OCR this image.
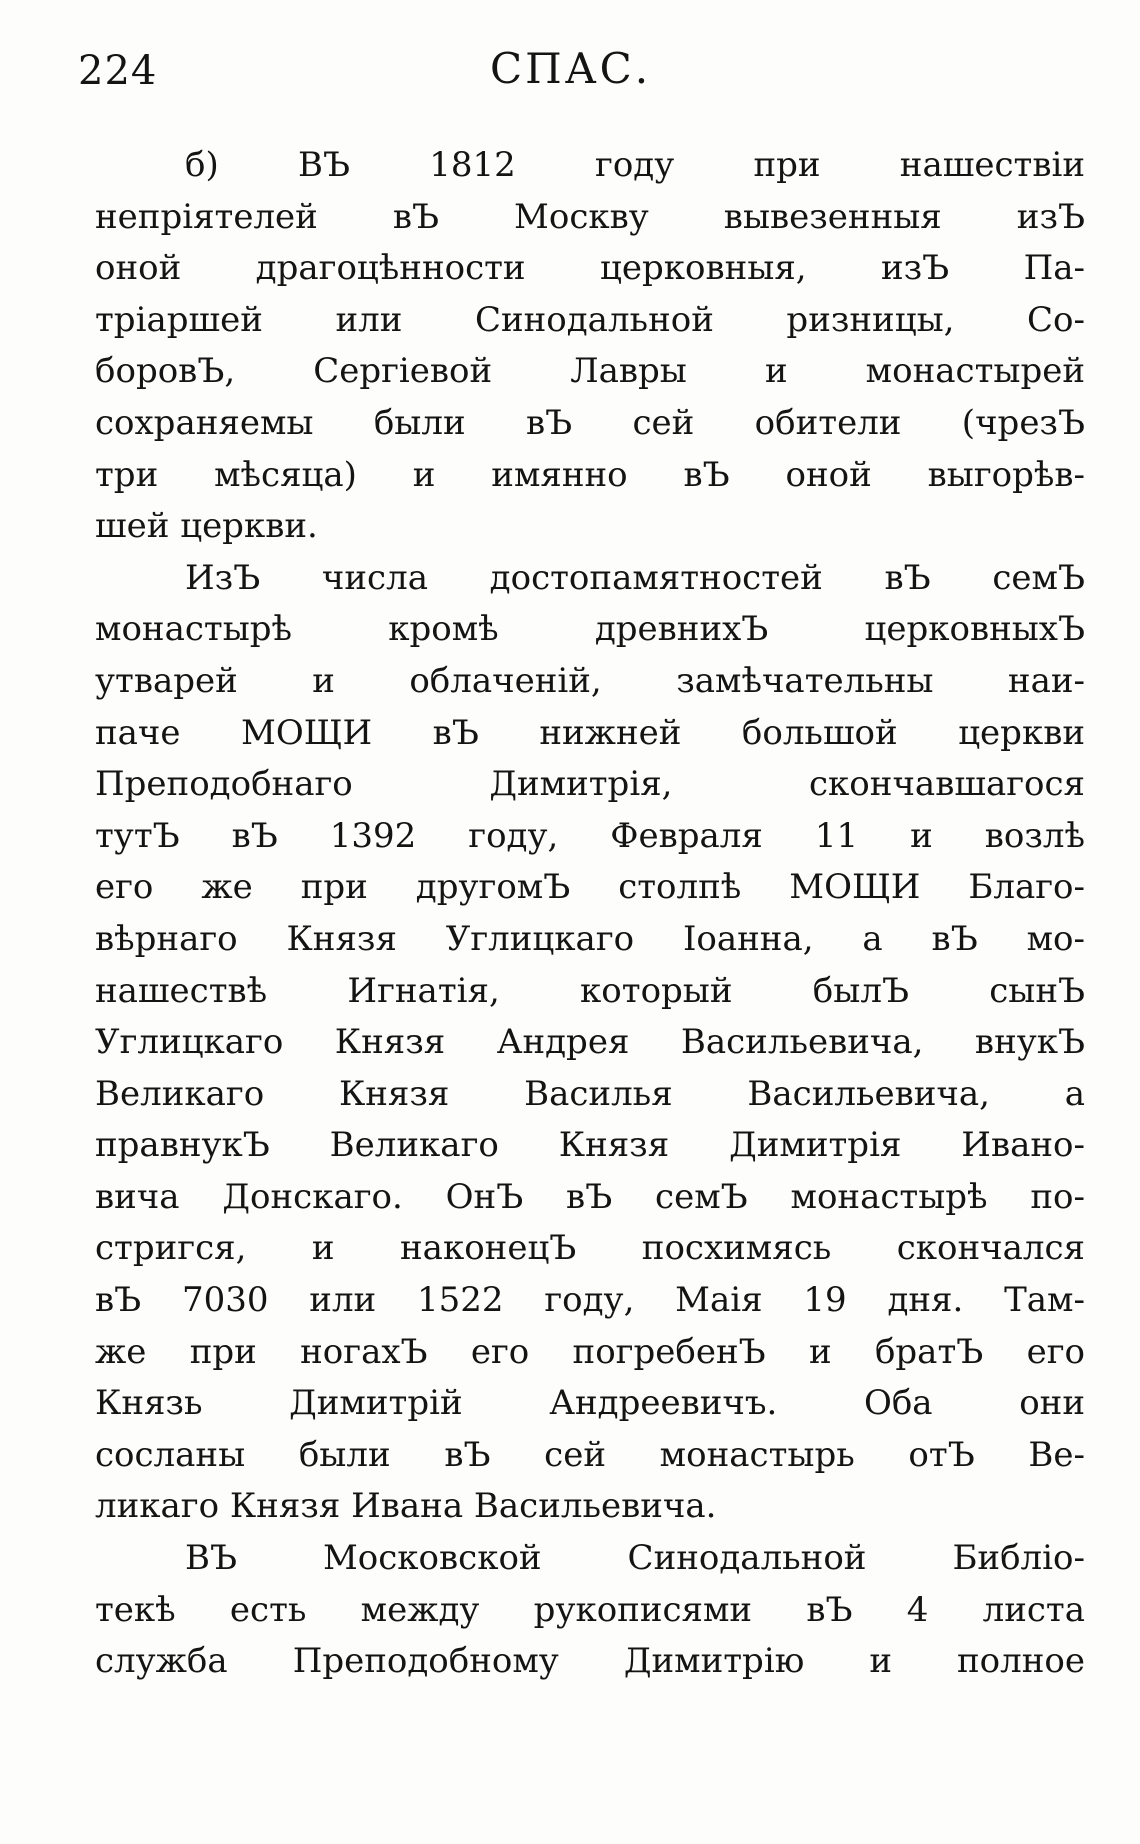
224	СПАС.
б) ВЪ 1812 году при нашествіи
непріятелей вЪ Москву вывезенныя изЪ
оной драгоцѣнности церковныя, изЪ Па-
тріаршей или Синодальной ризницы, Со-
боровЪ, Сергіевой Лавры и монастырей
сохраняемы были вЪ сей обители (чрезЪ
три мѣсяца) и имянно вЪ оной выгорѣв-
шей церкви.
ИзЪ числа достопамятностей вЪ семЪ
монастырѣ кромѣ древнихЪ церковныхЪ
утварей и облаченій, замѣчательны наи-
паче МОЩИ вЪ нижней большой церкви
Преподобнаго Димитрія, скончавшагося
тутЪ вЪ 1392 году, Февраля 11 и возлѣ
его же при другомЪ столпѣ МОЩИ Благо-
вѣрнаго Князя Углицкаго Іоанна, а вЪ мо-
нашествѣ Игнатія, который былЪ сынЪ
Углицкаго Князя Андрея Васильевича, внукЪ
Великаго Князя Василья Васильевича, а
правнукЪ Великаго Князя Димитрія Ивано-
вича Донскаго. ОнЪ вЪ семЪ монастырѣ по-
стригся, и наконецЪ посхимясь скончался
вЪ 7030 или 1522 году, Маія 19 дня. Там-
же при ногахЪ его погребенЪ и братЪ его
Князь Димитрій Андреевичъ. Оба они
сосланы были вЪ сей монастырь отЪ Be-
ликаго Князя Ивана Васильевича.
ВЪ Московской Синодальной Библіо-
текѣ есть между рукописями вЪ 4 листа
служба Преподобному Димитрію и полное
